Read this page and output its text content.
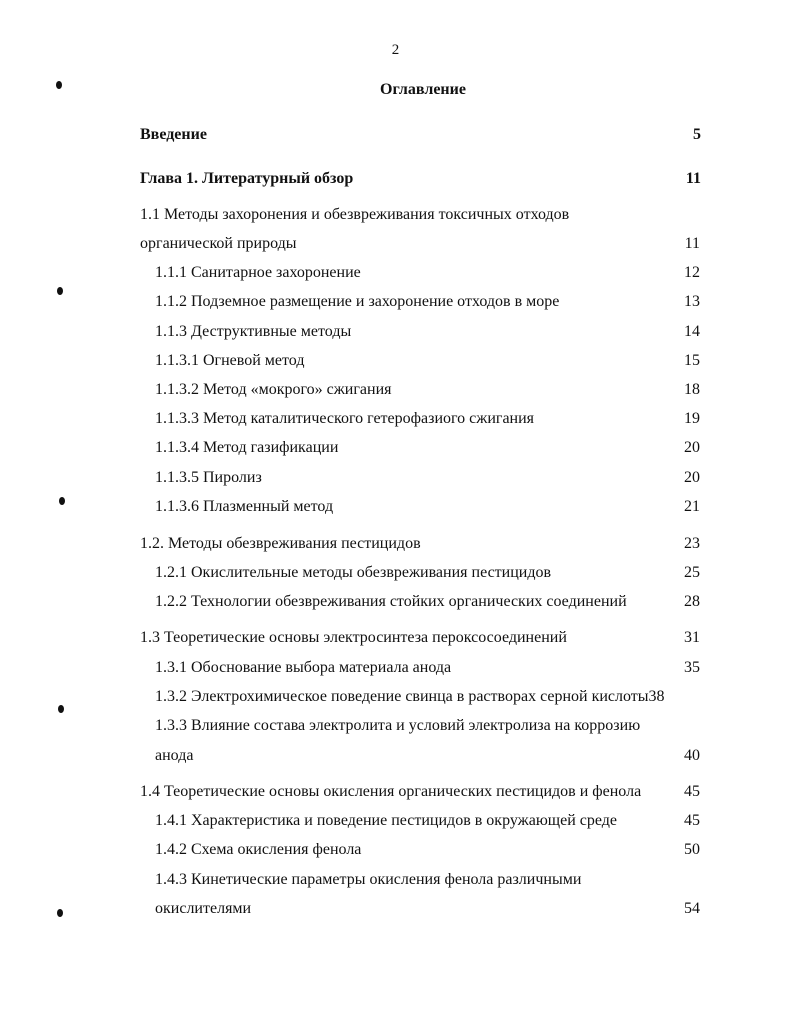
2
Оглавление
Введение	5
Глава 1. Литературный обзор	11
1.1 Методы захоронения и обезвреживания токсичных отходов
органической природы	11
1.1.1 Санитарное захоронение	12
1.1.2 Подземное размещение и захоронение отходов в море	13
1.1.3 Деструктивные методы	14
1.1.3.1 Огневой метод	15
1.1.3.2 Метод «мокрого» сжигания	18
1.1.3.3 Метод каталитического гетерофазиого сжигания	19
1.1.3.4 Метод газификации	20
1.1.3.5 Пиролиз	20
1.1.3.6 Плазменный метод	21
1.2. Методы обезвреживания пестицидов	23
1.2.1 Окислительные методы обезвреживания пестицидов	25
1.2.2 Технологии обезвреживания стойких органических соединений	28
1.3 Теоретические основы электросинтеза пероксосоединений	31
1.3.1 Обоснование выбора материала анода	35
1.3.2 Электрохимическое поведение свинца в растворах серной кислоты38
1.3.3 Влияние состава электролита и условий электролиза на коррозию
анода	40
1.4 Теоретические основы окисления органических пестицидов и фенола	45
1.4.1 Характеристика и поведение пестицидов в окружающей среде	45
1.4.2 Схема окисления фенола	50
1.4.3 Кинетические параметры окисления фенола различными
окислителями	54
